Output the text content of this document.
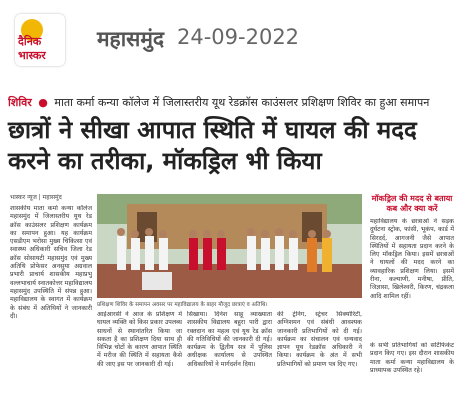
दैनिक
भास्कर
महासमुंद 24-09-2022
शिविर ● माता कर्मा कन्या कॉलेज में जिलास्तरीय यूथ रेडक्रॉस काउंसलर प्रशिक्षण शिविर का हुआ समापन
छात्रों ने सीखा आपात स्थिति में घायल की मदद करने का तरीका, मॉकड्रिल भी किया
भास्कर न्यूज | महासमुंद
शासकीय माता कर्मा कन्या कॉलेज महासमुंद में जिलास्तरीय यूथ रेड क्रॉस काउंसलर प्रशिक्षण कार्यक्रम का समापन हुआ। यह कार्यक्रम एसडीएम भरोसा मुख्य चिकित्सा एवं स्वास्थ्य अधिकारी सचिव जिला रेड क्रॉस सोसायटी महासमुंद एवं मुख्य अतिथि प्रोफेसर अनसुया अग्रवाल प्रभारी प्राचार्य शासकीय महाप्रभु वल्लभाचार्य स्नातकोत्तर महाविद्यालय महासमुंद उपस्थिति में संपन्न हुआ। महाविद्यालय के स्वागत में कार्यक्रम के संबंध में अतिथियों ने जानकारी दी।
प्रशिक्षण शिविर के समापन अवसर पर महाविद्यालय के बाहर मौजूद छात्राएं व अतिथि।
आईआरसी ने आज के प्रशिक्षण में घायल व्यक्ति को किस प्रकार उपलब्ध साधनों से स्थानांतरित किया जा सकता है का प्रशिक्षण दिया साथ ही विभिन्न चोटों के कारण आपात स्थिति में मरीज की स्थिति में सहायता कैसे की जाए इस पर जानकारी दी गई।
सिखाया। दिनेश साहू व्याख्याता शासकीय विद्यालय बहुरा पारी द्वारा रक्तदान का महत्व एवं यूथ रेड क्रॉस की गतिविधियों की जानकारी दी गई। कार्यक्रम के द्वितीय सत्र में पुलिस अधीक्षक कार्यालय से उपस्थित अधिकारियों ने मार्गदर्शन दिया।
की ट्रेनिंग, स्ट्रेचर सिक्योरिटी, अग्निशमन एवं संबंधी आवश्यक जानकारी प्रतिभागियों को दी गई। कार्यक्रम का संचालन एवं धन्यवाद ज्ञापन यूथ रेडक्रॉस अधिकारी ने किया। कार्यक्रम के अंत में सभी प्रतिभागियों को प्रमाण पत्र दिए गए।
मॉकड्रिल की मदद से बताया कब और क्या करें
महाविद्यालय के छात्राओं ने सड़क दुर्घटना स्ट्रोक, फांसी, भूकंप, कार्ड में सिरदर्द, आगजनी जैसे आपात स्थितियों में सहायता प्रदान करने के लिए मॉकड्रिल किया। इसमें छात्राओं ने घायलों की मदद करने का व्यावहारिक प्रशिक्षण लिया। इसमें रीना, कल्याणी, मनीषा, प्रीति, जिज्ञासा, खिलेश्वरी, किरण, चंद्रकला आदि शामिल रहीं।
के सभी प्रतिभागियों को सर्टिफिकेट प्रदान किए गए। इस दौरान शासकीय माता कर्मा कन्या महाविद्यालय के प्राध्यापक उपस्थित रहे।
